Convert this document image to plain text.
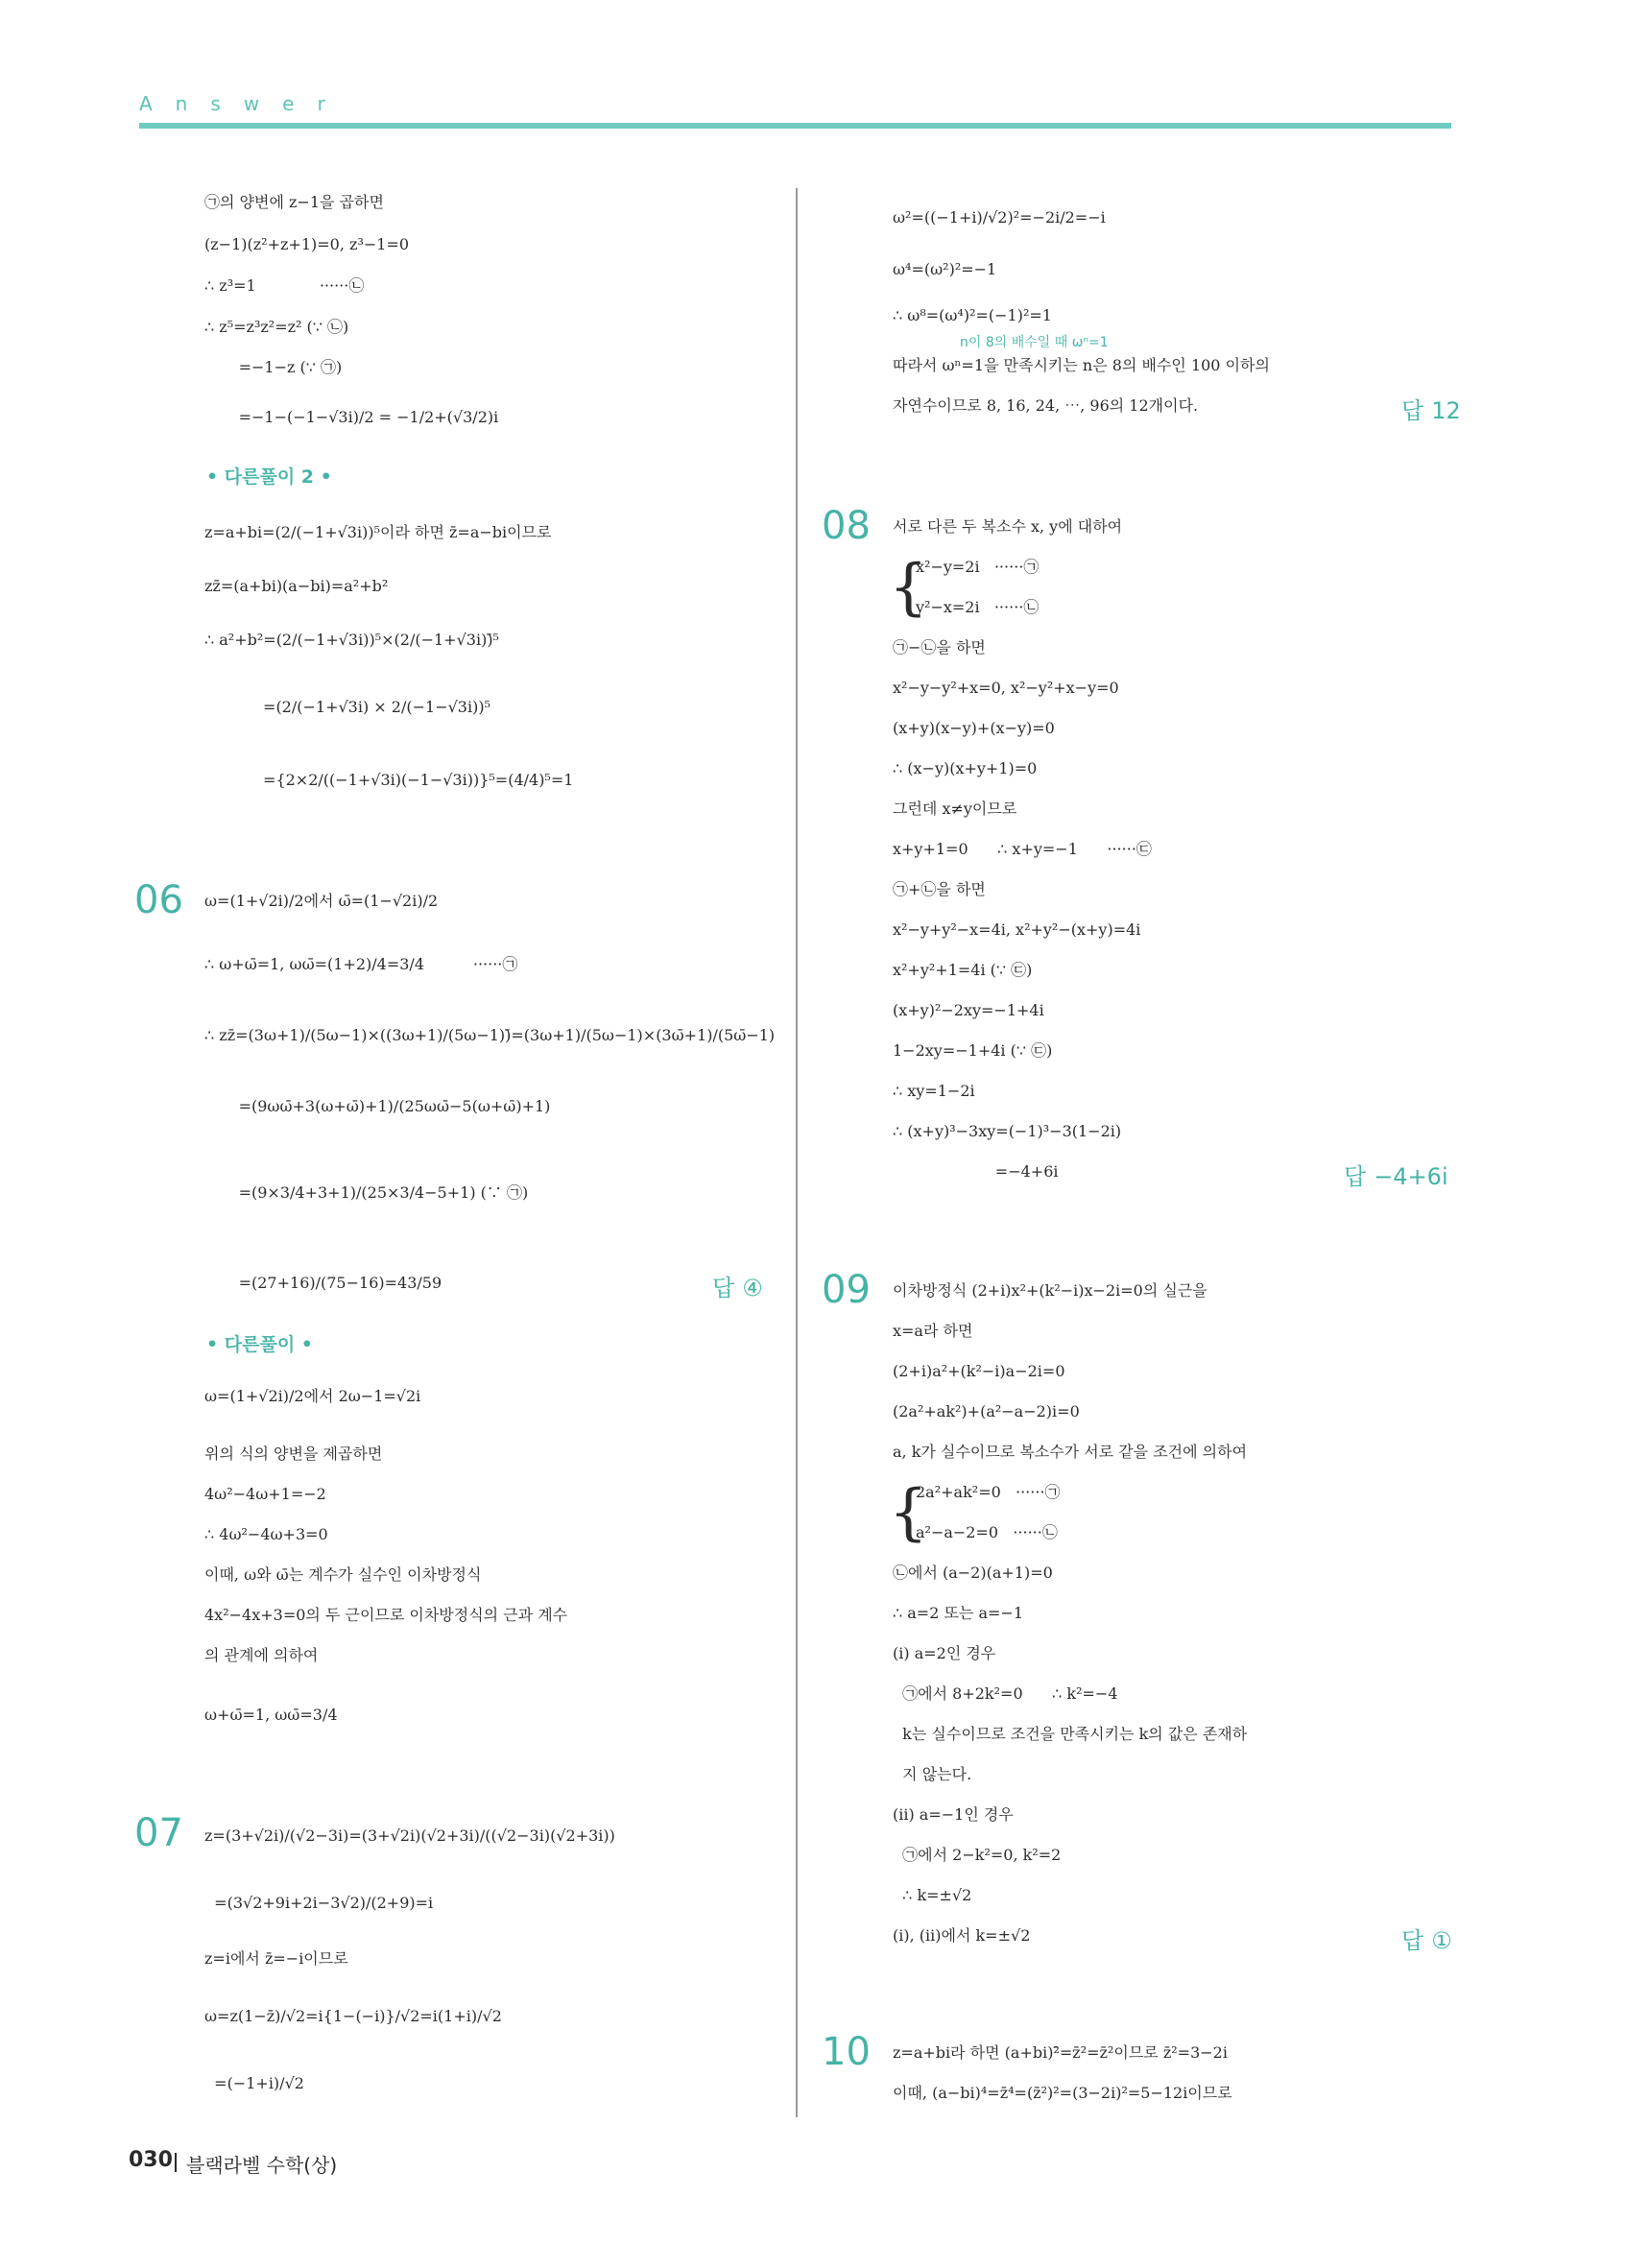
Answer
㉠의 양변에 z−1을 곱하면
(z−1)(z²+z+1)=0, z³−1=0
∴ z³=1             ······㉡
∴ z⁵=z³z²=z² (∵ ㉡)
=−1−z (∵ ㉠)
=−1−(−1−√3i)/2 = −1/2+(√3/2)i
• 다른풀이 2 •
z=a+bi=(2/(−1+√3i))⁵이라 하면 z̄=a−bi이므로
zz̄=(a+bi)(a−bi)=a²+b²
∴ a²+b²=(2/(−1+√3i))⁵×(2/(−1+√3i))̄⁵
=(2/(−1+√3i) × 2/(−1−√3i))⁵
={2×2/((−1+√3i)(−1−√3i))}⁵=(4/4)⁵=1
06 ω=(1+√2i)/2에서 ω̄=(1−√2i)/2
∴ ω+ω̄=1, ωω̄=(1+2)/4=3/4          ······㉠
∴ zz̄=(3ω+1)/(5ω−1)×((3ω+1)/(5ω−1))̄=(3ω+1)/(5ω−1)×(3ω̄+1)/(5ω̄−1)
=(9ωω̄+3(ω+ω̄)+1)/(25ωω̄−5(ω+ω̄)+1)
=(9×3/4+3+1)/(25×3/4−5+1) (∵ ㉠)
=(27+16)/(75−16)=43/59	답 ④
• 다른풀이 •
ω=(1+√2i)/2에서 2ω−1=√2i
위의 식의 양변을 제곱하면
4ω²−4ω+1=−2
∴ 4ω²−4ω+3=0
이때, ω와 ω̄는 계수가 실수인 이차방정식
4x²−4x+3=0의 두 근이므로 이차방정식의 근과 계수
의 관계에 의하여
ω+ω̄=1, ωω̄=3/4
07 z=(3+√2i)/(√2−3i)=(3+√2i)(√2+3i)/((√2−3i)(√2+3i))
=(3√2+9i+2i−3√2)/(2+9)=i
z=i에서 z̄=−i이므로
ω=z(1−z̄)/√2=i{1−(−i)}/√2=i(1+i)/√2
=(−1+i)/√2
ω²=((−1+i)/√2)²=−2i/2=−i
ω⁴=(ω²)²=−1
∴ ω⁸=(ω⁴)²=(−1)²=1
n이 8의 배수일 때 ωⁿ=1
따라서 ωⁿ=1을 만족시키는 n은 8의 배수인 100 이하의
자연수이므로 8, 16, 24, ⋯, 96의 12개이다.	답 12
08 서로 다른 두 복소수 x, y에 대하여
{
x²−y=2i   ······㉠
y²−x=2i   ······㉡
㉠−㉡을 하면
x²−y−y²+x=0, x²−y²+x−y=0
(x+y)(x−y)+(x−y)=0
∴ (x−y)(x+y+1)=0
그런데 x≠y이므로
x+y+1=0      ∴ x+y=−1      ······㉢
㉠+㉡을 하면
x²−y+y²−x=4i, x²+y²−(x+y)=4i
x²+y²+1=4i (∵ ㉢)
(x+y)²−2xy=−1+4i
1−2xy=−1+4i (∵ ㉢)
∴ xy=1−2i
∴ (x+y)³−3xy=(−1)³−3(1−2i)
=−4+6i	답 −4+6i
09 이차방정식 (2+i)x²+(k²−i)x−2i=0의 실근을
x=a라 하면
(2+i)a²+(k²−i)a−2i=0
(2a²+ak²)+(a²−a−2)i=0
a, k가 실수이므로 복소수가 서로 같을 조건에 의하여
{
2a²+ak²=0   ······㉠
a²−a−2=0   ······㉡
㉡에서 (a−2)(a+1)=0
∴ a=2 또는 a=−1
(ⅰ) a=2인 경우
㉠에서 8+2k²=0      ∴ k²=−4
k는 실수이므로 조건을 만족시키는 k의 값은 존재하
지 않는다.
(ⅱ) a=−1인 경우
㉠에서 2−k²=0, k²=2
∴ k=±√2
(ⅰ), (ⅱ)에서 k=±√2	답 ①
10 z=a+bi라 하면 (a+bi)²̄=z̄²=z̄²이므로 z̄²=3−2i
이때, (a−bi)⁴=z̄⁴=(z̄²)²=(3−2i)²=5−12i이므로
030 블랙라벨 수학(상)
